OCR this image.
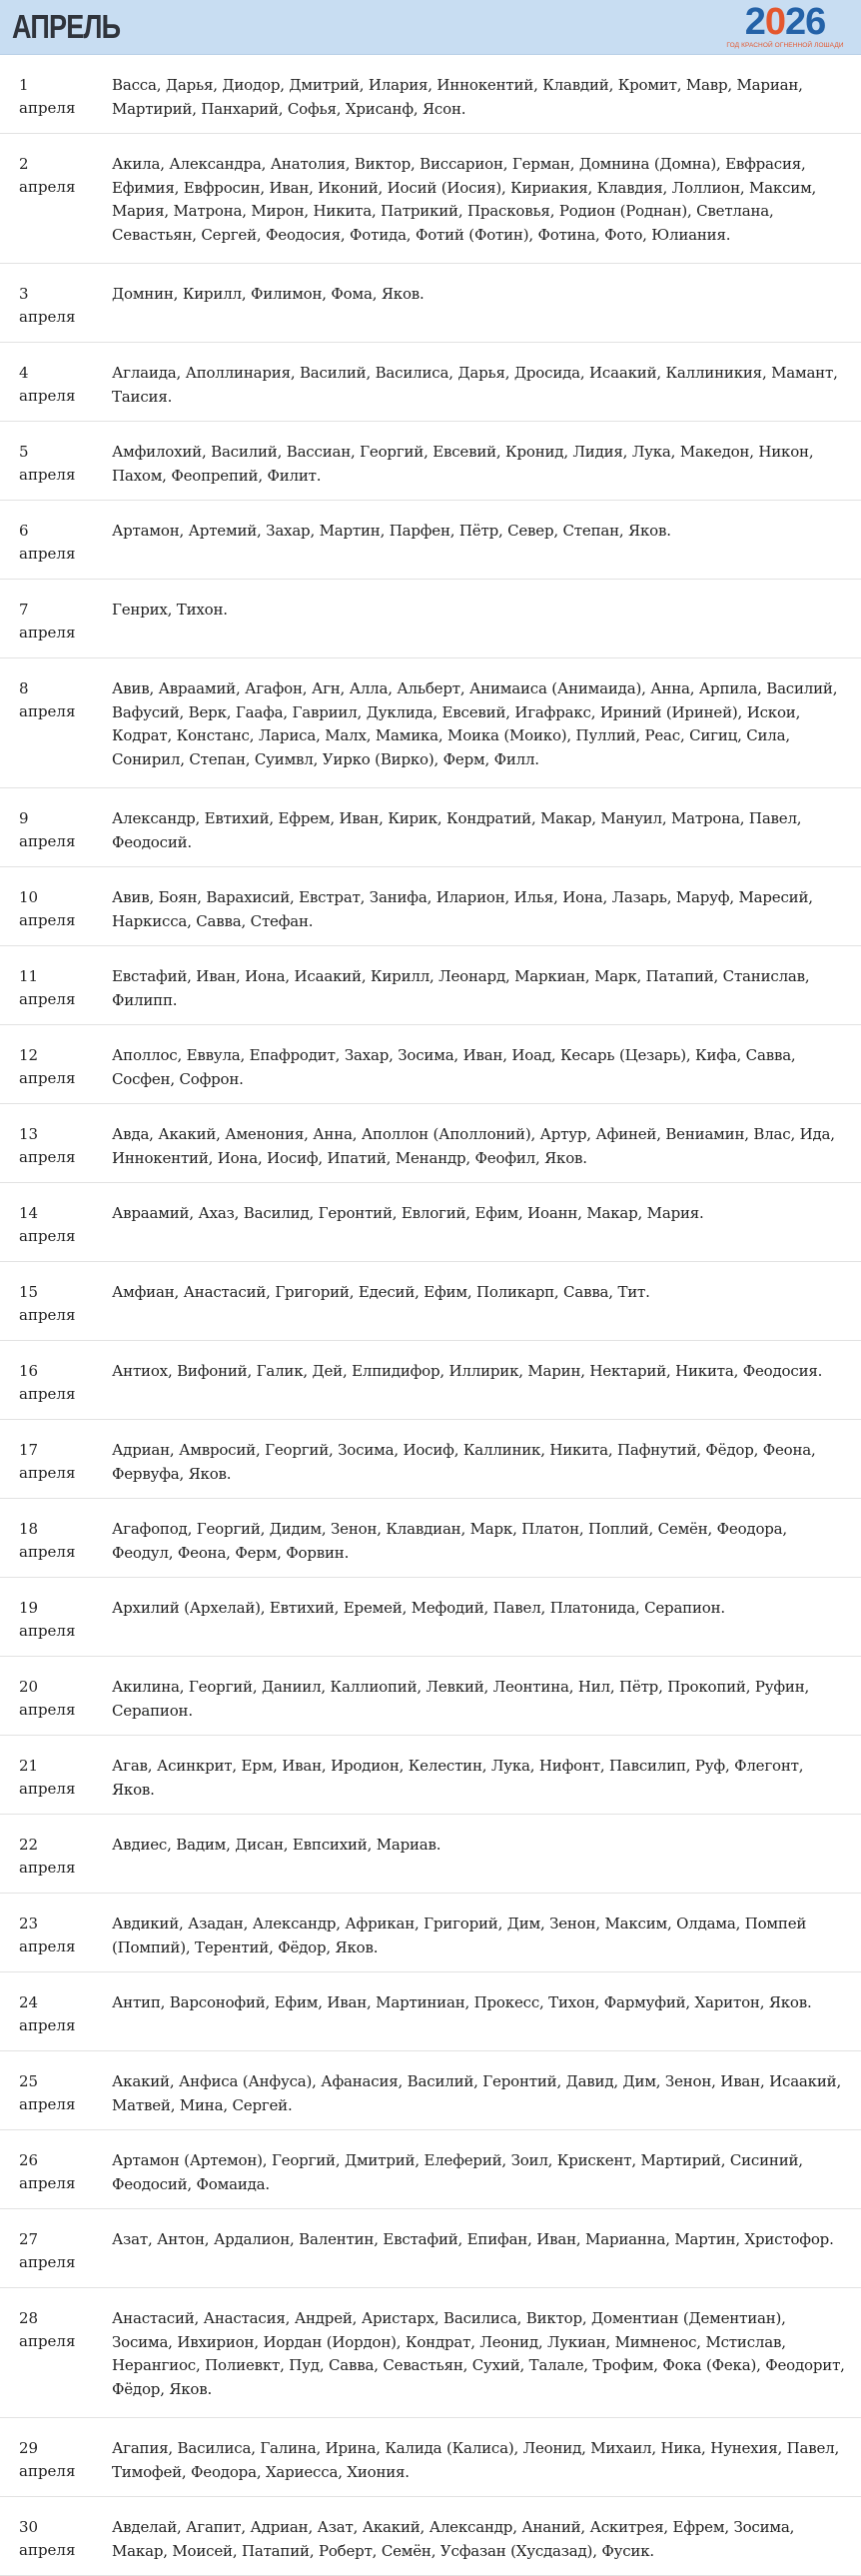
АПРЕЛЬ	2026
ГОД КРАСНОЙ ОГНЕННОЙ ЛОШАДИ
1
апреля
Васса, Дарья, Диодор, Дмитрий, Илария, Иннокентий, Клавдий, Кромит, Мавр, Мариан, Мартирий, Панхарий, Софья, Хрисанф, Ясон.
2
апреля
Акила, Александра, Анатолия, Виктор, Виссарион, Герман, Домнина (Домна), Евфрасия, Ефимия, Евфросин, Иван, Иконий, Иосий (Иосия), Кириакия, Клавдия, Лоллион, Максим, Мария, Матрона, Мирон, Никита, Патрикий, Прасковья, Родион (Роднан), Светлана, Севастьян, Сергей, Феодосия, Фотида, Фотий (Фотин), Фотина, Фото, Юлиания.
3
апреля
Домнин, Кирилл, Филимон, Фома, Яков.
4
апреля
Аглаида, Аполлинария, Василий, Василиса, Дарья, Дросида, Исаакий, Каллиникия, Мамант, Таисия.
5
апреля
Амфилохий, Василий, Вассиан, Георгий, Евсевий, Кронид, Лидия, Лука, Македон, Никон, Пахом, Феопрепий, Филит.
6
апреля
Артамон, Артемий, Захар, Мартин, Парфен, Пётр, Север, Степан, Яков.
7
апреля
Генрих, Тихон.
8
апреля
Авив, Авраамий, Агафон, Агн, Алла, Альберт, Анимаиса (Анимаида), Анна, Арпила, Василий, Вафусий, Верк, Гаафа, Гавриил, Дуклида, Евсевий, Игафракс, Ириний (Ириней), Искои, Кодрат, Констанс, Лариса, Малх, Мамика, Моика (Моико), Пуллий, Реас, Сигиц, Сила, Сонирил, Степан, Суимвл, Уирко (Вирко), Ферм, Филл.
9
апреля
Александр, Евтихий, Ефрем, Иван, Кирик, Кондратий, Макар, Мануил, Матрона, Павел, Феодосий.
10
апреля
Авив, Боян, Варахисий, Евстрат, Занифа, Иларион, Илья, Иона, Лазарь, Маруф, Маресий, Наркисса, Савва, Стефан.
11
апреля
Евстафий, Иван, Иона, Исаакий, Кирилл, Леонард, Маркиан, Марк, Патапий, Станислав, Филипп.
12
апреля
Аполлос, Еввула, Епафродит, Захар, Зосима, Иван, Иоад, Кесарь (Цезарь), Кифа, Савва, Сосфен, Софрон.
13
апреля
Авда, Акакий, Аменония, Анна, Аполлон (Аполлоний), Артур, Афиней, Вениамин, Влас, Ида, Иннокентий, Иона, Иосиф, Ипатий, Менандр, Феофил, Яков.
14
апреля
Авраамий, Ахаз, Василид, Геронтий, Евлогий, Ефим, Иоанн, Макар, Мария.
15
апреля
Амфиан, Анастасий, Григорий, Едесий, Ефим, Поликарп, Савва, Тит.
16
апреля
Антиох, Вифоний, Галик, Дей, Елпидифор, Иллирик, Марин, Нектарий, Никита, Феодосия.
17
апреля
Адриан, Амвросий, Георгий, Зосима, Иосиф, Каллиник, Никита, Пафнутий, Фёдор, Феона, Фервуфа, Яков.
18
апреля
Агафопод, Георгий, Дидим, Зенон, Клавдиан, Марк, Платон, Поплий, Семён, Феодора, Феодул, Феона, Ферм, Форвин.
19
апреля
Архилий (Архелай), Евтихий, Еремей, Мефодий, Павел, Платонида, Серапион.
20
апреля
Акилина, Георгий, Даниил, Каллиопий, Левкий, Леонтина, Нил, Пётр, Прокопий, Руфин, Серапион.
21
апреля
Агав, Асинкрит, Ерм, Иван, Иродион, Келестин, Лука, Нифонт, Павсилип, Руф, Флегонт, Яков.
22
апреля
Авдиес, Вадим, Дисан, Евпсихий, Мариав.
23
апреля
Авдикий, Азадан, Александр, Африкан, Григорий, Дим, Зенон, Максим, Олдама, Помпей (Помпий), Терентий, Фёдор, Яков.
24
апреля
Антип, Варсонофий, Ефим, Иван, Мартиниан, Прокесс, Тихон, Фармуфий, Харитон, Яков.
25
апреля
Акакий, Анфиса (Анфуса), Афанасия, Василий, Геронтий, Давид, Дим, Зенон, Иван, Исаакий, Матвей, Мина, Сергей.
26
апреля
Артамон (Артемон), Георгий, Дмитрий, Елеферий, Зоил, Крискент, Мартирий, Сисиний, Феодосий, Фомаида.
27
апреля
Азат, Антон, Ардалион, Валентин, Евстафий, Епифан, Иван, Марианна, Мартин, Христофор.
28
апреля
Анастасий, Анастасия, Андрей, Аристарх, Василиса, Виктор, Доментиан (Дементиан), Зосима, Ивхирион, Иордан (Иордон), Кондрат, Леонид, Лукиан, Мимненос, Мстислав, Нерангиос, Полиевкт, Пуд, Савва, Севастьян, Сухий, Талале, Трофим, Фока (Фека), Феодорит, Фёдор, Яков.
29
апреля
Агапия, Василиса, Галина, Ирина, Калида (Калиса), Леонид, Михаил, Ника, Нунехия, Павел, Тимофей, Феодора, Хариесса, Хиония.
30
апреля
Авделай, Агапит, Адриан, Азат, Акакий, Александр, Ананий, Аскитрея, Ефрем, Зосима, Макар, Моисей, Патапий, Роберт, Семён, Усфазан (Хусдазад), Фусик.
